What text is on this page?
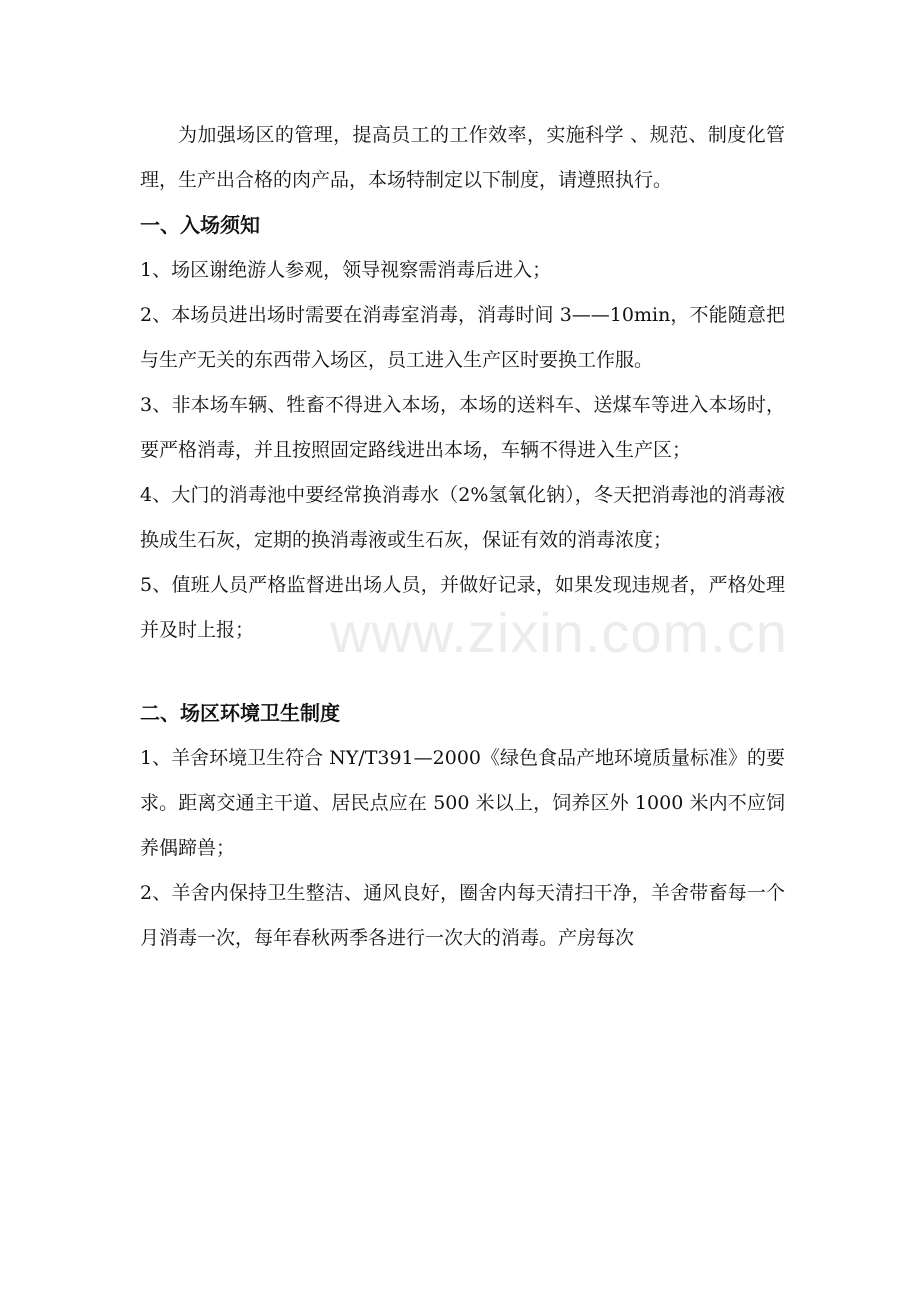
为加强场区的管理，提高员工的工作效率，实施科学 、规范、制度化管理，生产出合格的肉产品，本场特制定以下制度，请遵照执行。

一、入场须知

1、场区谢绝游人参观，领导视察需消毒后进入；

2、本场员进出场时需要在消毒室消毒，消毒时间 3——10min，不能随意把与生产无关的东西带入场区，员工进入生产区时要换工作服。

3、非本场车辆、牲畜不得进入本场，本场的送料车、送煤车等进入本场时，要严格消毒，并且按照固定路线进出本场，车辆不得进入生产区；

4、大门的消毒池中要经常换消毒水（2%氢氧化钠），冬天把消毒池的消毒液换成生石灰，定期的换消毒液或生石灰，保证有效的消毒浓度；

5、值班人员严格监督进出场人员，并做好记录，如果发现违规者，严格处理并及时上报；

二、场区环境卫生制度

1、羊舍环境卫生符合 NY/T391—2000《绿色食品产地环境质量标准》的要求。距离交通主干道、居民点应在 500 米以上，饲养区外 1000 米内不应饲养偶蹄兽；

2、羊舍内保持卫生整洁、通风良好，圈舍内每天清扫干净，羊舍带畜每一个月消毒一次，每年春秋两季各进行一次大的消毒。产房每次

www.zixin.com.cn
